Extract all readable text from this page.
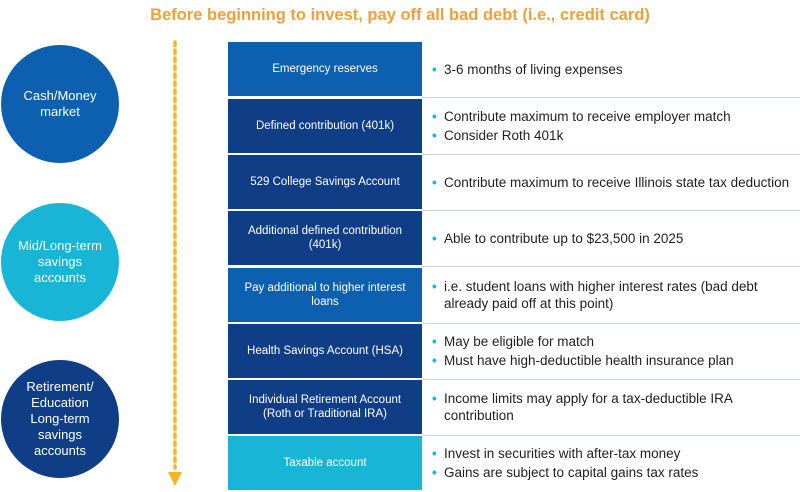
Before beginning to invest, pay off all bad debt (i.e., credit card)
Cash/Money market
Mid/Long-term savings accounts
Retirement/ Education Long-term savings accounts
Emergency reserves	• 3-6 months of living expenses
Defined contribution (401k)
• Contribute maximum to receive employer match
• Consider Roth 401k
529 College Savings Account	• Contribute maximum to receive Illinois state tax deduction
Additional defined contribution (401k)	• Able to contribute up to $23,500 in 2025
Pay additional to higher interest loans
• i.e. student loans with higher interest rates (bad debt already paid off at this point)
Health Savings Account (HSA)
• May be eligible for match
• Must have high-deductible health insurance plan
Individual Retirement Account (Roth or Traditional IRA)
• Income limits may apply for a tax-deductible IRA contribution
Taxable account
• Invest in securities with after-tax money
• Gains are subject to capital gains tax rates
